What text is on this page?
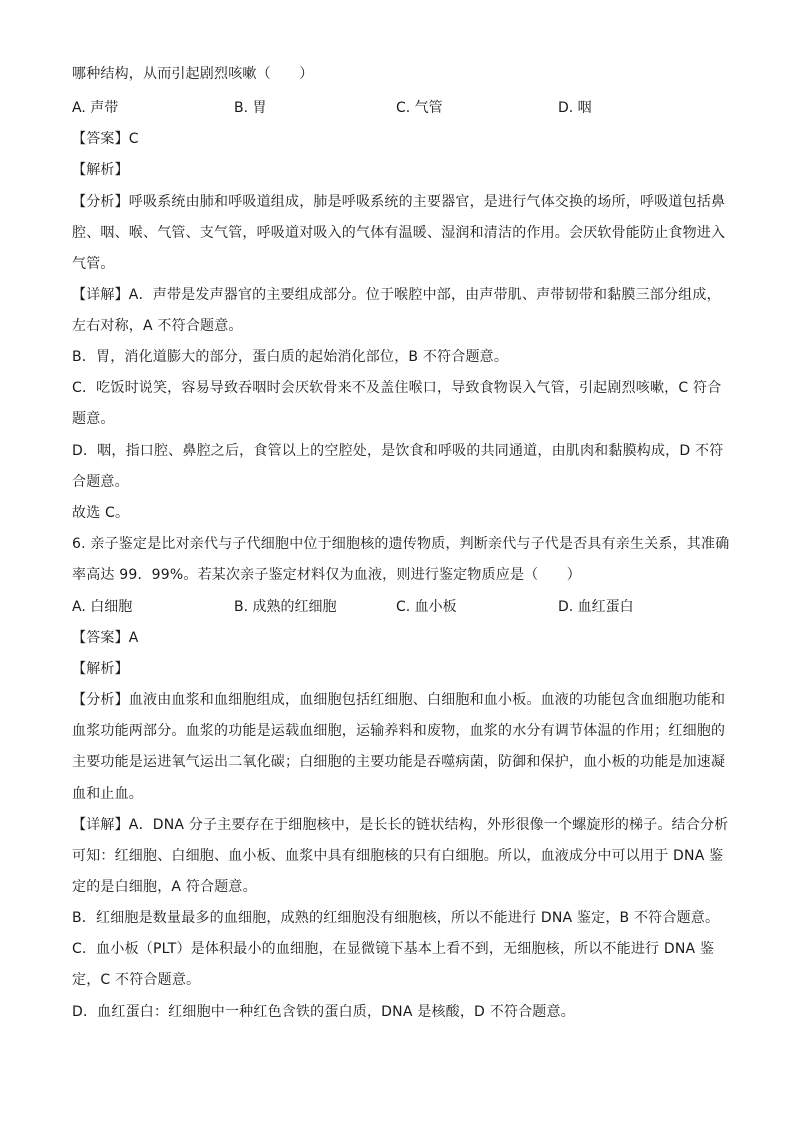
哪种结构，从而引起剧烈咳嗽（　　）
A. 声带	B. 胃	C. 气管	D. 咽
【答案】C
【解析】
【分析】呼吸系统由肺和呼吸道组成，肺是呼吸系统的主要器官，是进行气体交换的场所，呼吸道包括鼻
腔、咽、喉、气管、支气管，呼吸道对吸入的气体有温暖、湿润和清洁的作用。会厌软骨能防止食物进入
气管。
【详解】A．声带是发声器官的主要组成部分。位于喉腔中部，由声带肌、声带韧带和黏膜三部分组成，
左右对称，A 不符合题意。
B．胃，消化道膨大的部分，蛋白质的起始消化部位，B 不符合题意。
C．吃饭时说笑，容易导致吞咽时会厌软骨来不及盖住喉口，导致食物误入气管，引起剧烈咳嗽，C 符合
题意。
D．咽，指口腔、鼻腔之后，食管以上的空腔处，是饮食和呼吸的共同通道，由肌肉和黏膜构成，D 不符
合题意。
故选 C。
6. 亲子鉴定是比对亲代与子代细胞中位于细胞核的遗传物质，判断亲代与子代是否具有亲生关系，其准确
率高达 99．99%。若某次亲子鉴定材料仅为血液，则进行鉴定物质应是（　　）
A. 白细胞	B. 成熟的红细胞	C. 血小板	D. 血红蛋白
【答案】A
【解析】
【分析】血液由血浆和血细胞组成，血细胞包括红细胞、白细胞和血小板。血液的功能包含血细胞功能和
血浆功能两部分。血浆的功能是运载血细胞，运输养料和废物，血浆的水分有调节体温的作用；红细胞的
主要功能是运进氧气运出二氧化碳；白细胞的主要功能是吞噬病菌，防御和保护，血小板的功能是加速凝
血和止血。
【详解】A．DNA 分子主要存在于细胞核中，是长长的链状结构，外形很像一个螺旋形的梯子。结合分析
可知：红细胞、白细胞、血小板、血浆中具有细胞核的只有白细胞。所以，血液成分中可以用于 DNA 鉴
定的是白细胞，A 符合题意。
B．红细胞是数量最多的血细胞，成熟的红细胞没有细胞核，所以不能进行 DNA 鉴定，B 不符合题意。
C．血小板（PLT）是体积最小的血细胞，在显微镜下基本上看不到，无细胞核，所以不能进行 DNA 鉴
定，C 不符合题意。
D．血红蛋白：红细胞中一种红色含铁的蛋白质，DNA 是核酸，D 不符合题意。
